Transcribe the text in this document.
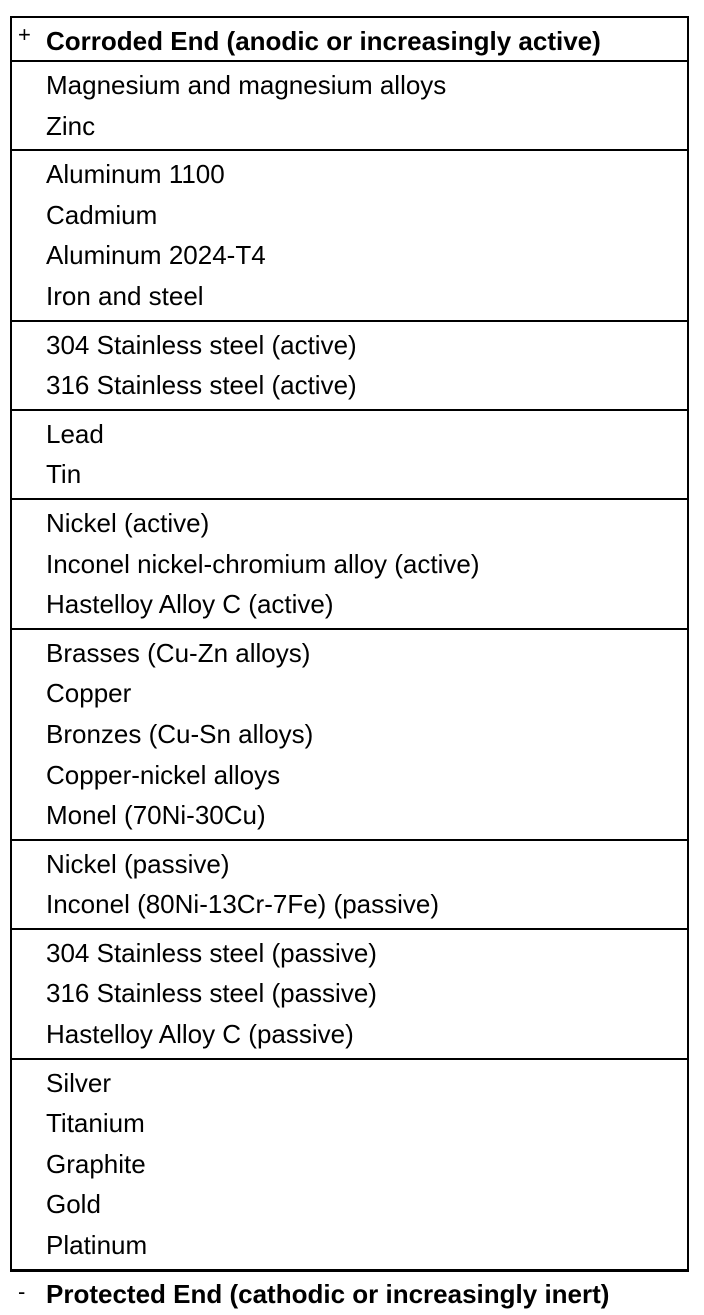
+ Corroded End (anodic or increasingly active)
Magnesium and magnesium alloys
Zinc
Aluminum 1100
Cadmium
Aluminum 2024-T4
Iron and steel
304 Stainless steel (active)
316 Stainless steel (active)
Lead
Tin
Nickel (active)
Inconel nickel-chromium alloy (active)
Hastelloy Alloy C (active)
Brasses (Cu-Zn alloys)
Copper
Bronzes (Cu-Sn alloys)
Copper-nickel alloys
Monel (70Ni-30Cu)
Nickel (passive)
Inconel (80Ni-13Cr-7Fe) (passive)
304 Stainless steel (passive)
316 Stainless steel (passive)
Hastelloy Alloy C (passive)
Silver
Titanium
Graphite
Gold
Platinum
- Protected End (cathodic or increasingly inert)
